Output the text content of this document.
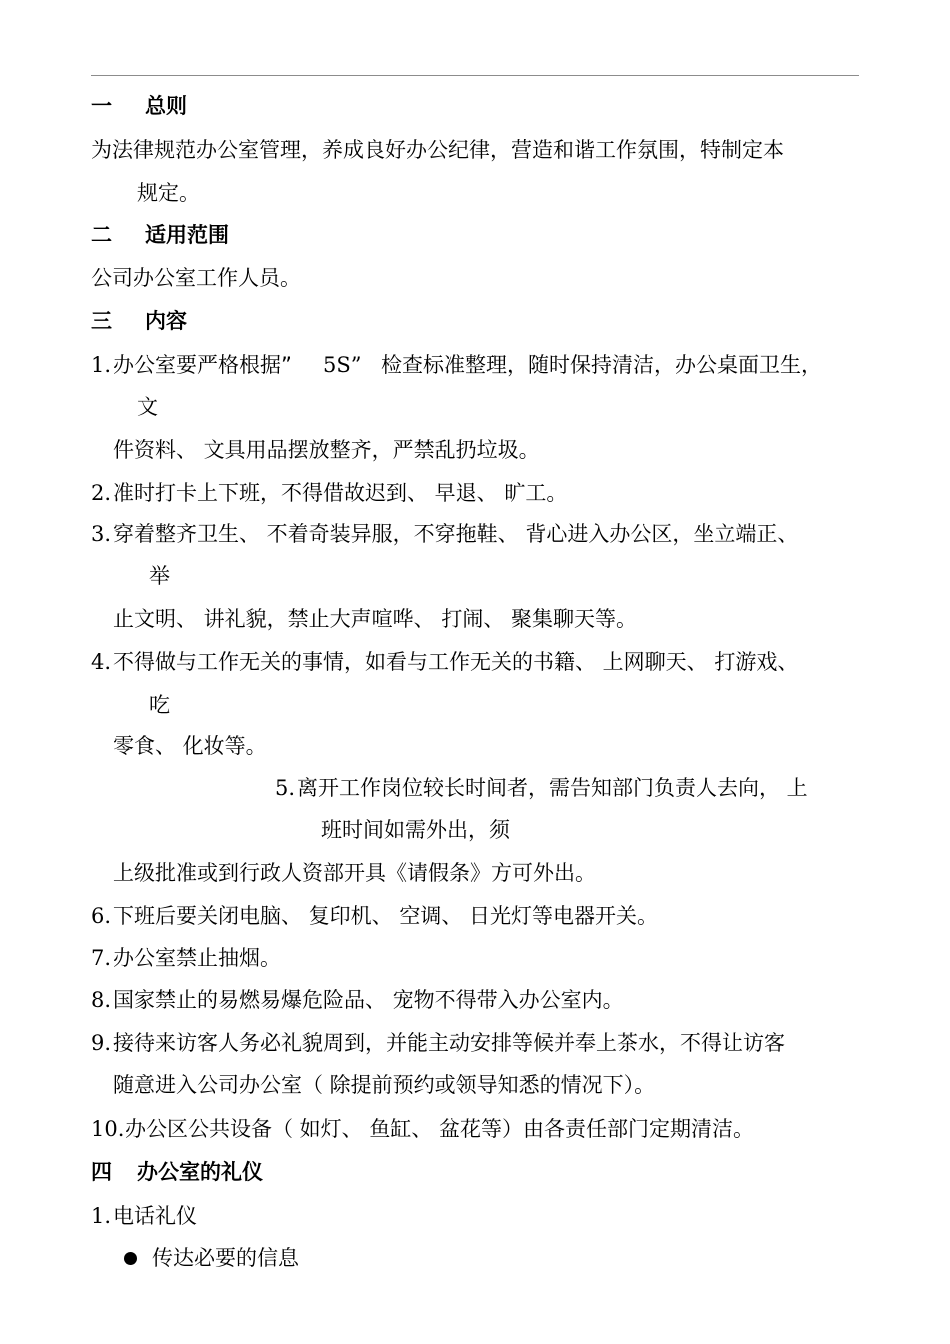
一 总则
为法律规范办公室管理，养成良好办公纪律，营造和谐工作氛围，特制定本
规定。
二 适用范围
公司办公室工作人员。
三 内容
1. 办公室要严格根据” 5S” 检查标准整理，随时保持清洁，办公桌面卫生，
文
件资料、 文具用品摆放整齐，严禁乱扔垃圾。
2. 准时打卡上下班，不得借故迟到、 早退、 旷工。
3. 穿着整齐卫生、 不着奇装异服，不穿拖鞋、 背心进入办公区，坐立端正、
举
止文明、 讲礼貌，禁止大声喧哗、 打闹、 聚集聊天等。
4. 不得做与工作无关的事情，如看与工作无关的书籍、 上网聊天、 打游戏、
吃
零食、 化妆等。
5. 离开工作岗位较长时间者，需告知部门负责人去向， 上
班时间如需外出，须
上级批准或到行政人资部开具《请假条》方可外出。
6. 下班后要关闭电脑、 复印机、 空调、 日光灯等电器开关。
7. 办公室禁止抽烟。
8. 国家禁止的易燃易爆危险品、 宠物不得带入办公室内。
9. 接待来访客人务必礼貌周到，并能主动安排等候并奉上茶水，不得让访客
随意进入公司办公室（ 除提前预约或领导知悉的情况下）。
10. 办公区公共设备（ 如灯、 鱼缸、 盆花等）由各责任部门定期清洁。
四 办公室的礼仪
1. 电话礼仪
传达必要的信息
